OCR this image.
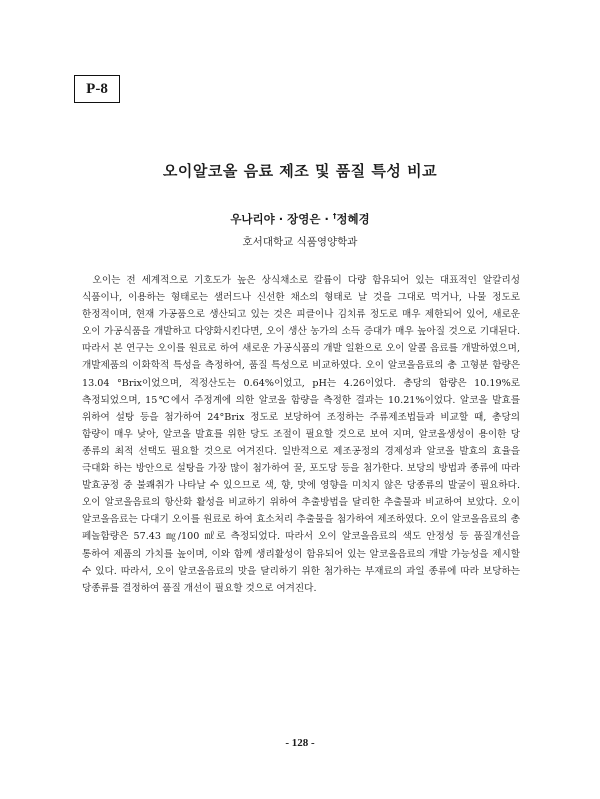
P-8
오이알코올 음료 제조 및 품질 특성 비교
우나리야 · 장영은 · †정혜경
호서대학교 식품영양학과

오이는 전 세계적으로 기호도가 높은 상식채소로 칼륨이 다량 함유되어 있는 대표적인 알칼리성 식품이나, 이용하는 형태로는 샐러드나 신선한 채소의 형태로 날 것을 그대로 먹거나, 나물 정도로 한정적이며, 현재 가공품으로 생산되고 있는 것은 피클이나 김치류 정도로 매우 제한되어 있어, 새로운 오이 가공식품을 개발하고 다양화시킨다면, 오이 생산 농가의 소득 증대가 매우 높아질 것으로 기대된다. 따라서 본 연구는 오이를 원료로 하여 새로운 가공식품의 개발 일환으로 오이 알콜 음료를 개발하였으며, 개발제품의 이화학적 특성을 측정하여, 품질 특성으로 비교하였다. 오이 알코올음료의 총 고형분 함량은 13.04 °Brix이었으며, 적정산도는 0.64%이었고, pH는 4.26이었다. 총당의 함량은 10.19%로 측정되었으며, 15℃에서 주정계에 의한 알코올 함량을 측정한 결과는 10.21%이었다. 알코올 발효를 위하여 설탕 등을 첨가하여 24°Brix 정도로 보당하여 조정하는 주류제조법들과 비교할 때, 총당의 함량이 매우 낮아, 알코올 발효를 위한 당도 조절이 필요할 것으로 보여 지며, 알코올생성이 용이한 당 종류의 최적 선택도 필요할 것으로 여겨진다. 일반적으로 제조공정의 경제성과 알코올 발효의 효율을 극대화 하는 방안으로 설탕을 가장 많이 첨가하여 꿀, 포도당 등을 첨가한다. 보당의 방법과 종류에 따라 발효공정 중 불쾌취가 나타날 수 있으므로 색, 향, 맛에 영향을 미치지 않은 당종류의 발굴이 필요하다. 오이 알코올음료의 항산화 활성을 비교하기 위하여 추출방법을 달리한 추출물과 비교하여 보았다. 오이 알코올음료는 다대기 오이를 원료로 하여 효소처리 추출물을 첨가하여 제조하였다. 오이 알코올음료의 총 페놀함량은 57.43 ㎎/100 ㎖로 측정되었다. 따라서 오이 알코올음료의 색도 안정성 등 품질개선을 통하여 제품의 가치를 높이며, 이와 함께 생리활성이 함유되어 있는 알코올음료의 개발 가능성을 제시할 수 있다. 따라서, 오이 알코올음료의 맛을 달리하기 위한 첨가하는 부재료의 과일 종류에 따라 보당하는 당종류를 결정하여 품질 개선이 필요할 것으로 여겨진다.

- 128 -
